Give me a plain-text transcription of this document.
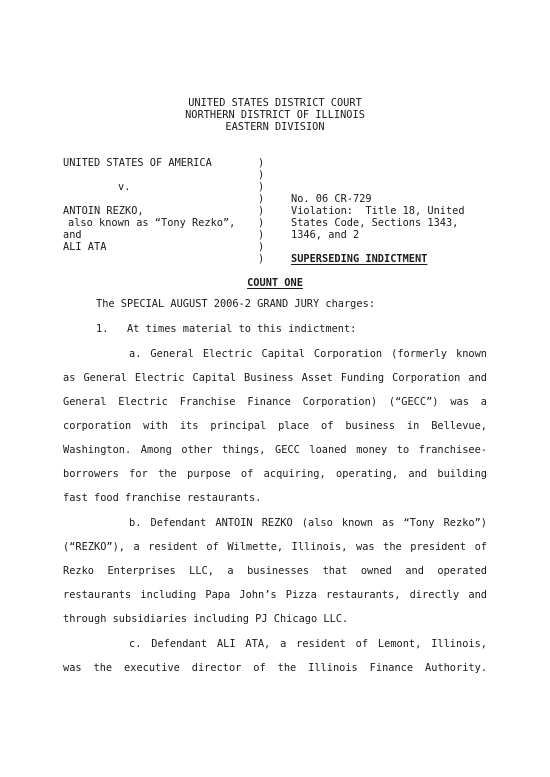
UNITED STATES DISTRICT COURT

NORTHERN DISTRICT OF ILLINOIS

EASTERN DIVISION

UNITED STATES OF AMERICA

v.

ANTOIN REZKO,

also known as “Tony Rezko”,

and

ALI ATA

)
)
)
)
)
)
)
)
)

No. 06 CR-729

Violation:  Title 18, United

States Code, Sections 1343,

1346, and 2

SUPERSEDING INDICTMENT

COUNT ONE

The SPECIAL AUGUST 2006-2 GRAND JURY charges:

1.   At times material to this indictment:

a. General Electric Capital Corporation (formerly known

as General Electric Capital Business Asset Funding Corporation and

General Electric Franchise Finance Corporation) (“GECC”) was a

corporation with its principal place of business in Bellevue,

Washington. Among other things, GECC loaned money to franchisee-

borrowers for the purpose of acquiring, operating, and building

fast food franchise restaurants.

b. Defendant ANTOIN REZKO (also known as “Tony Rezko”)

(“REZKO”), a resident of Wilmette, Illinois, was the president of

Rezko Enterprises LLC, a businesses that owned and operated

restaurants including Papa John’s Pizza restaurants, directly and

through subsidiaries including PJ Chicago LLC.

c. Defendant ALI ATA, a resident of Lemont, Illinois,

was the executive director of the Illinois Finance Authority.
